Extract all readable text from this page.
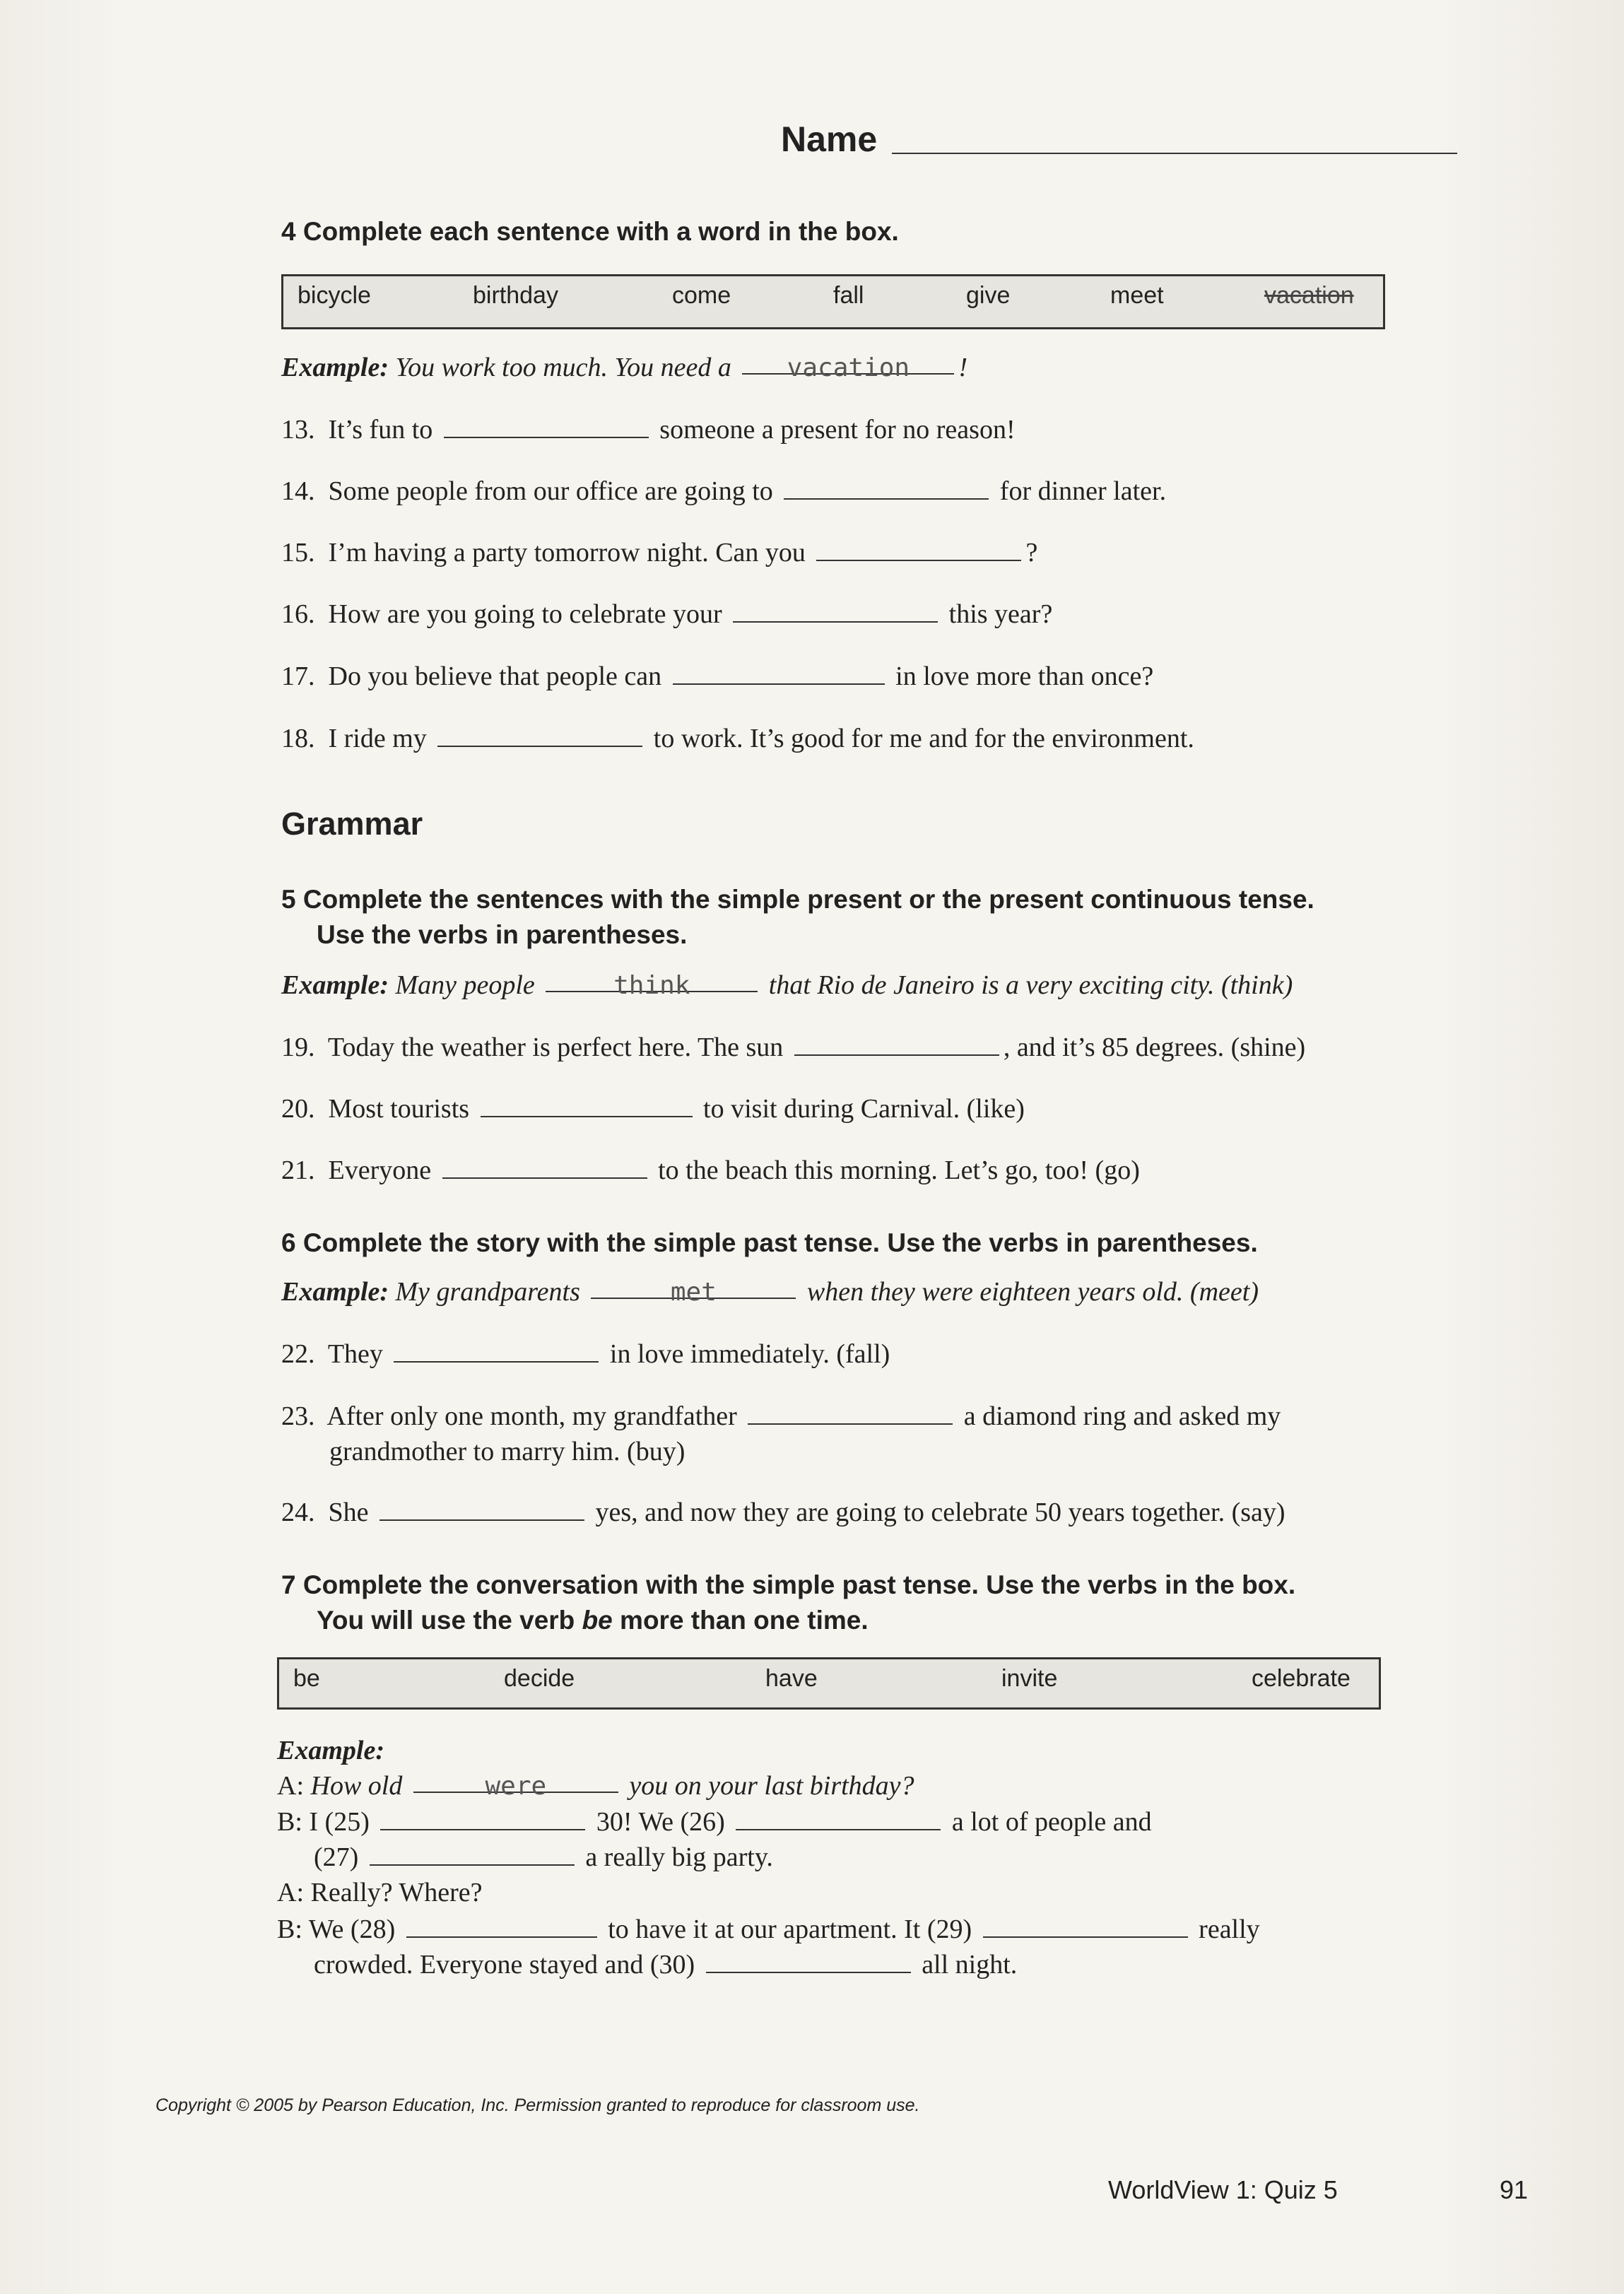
Name
4 Complete each sentence with a word in the box.
bicycle	birthday	come	fall	give	meet	vacation
Example: You work too much. You need a vacation !
13. It’s fun to	someone a present for no reason!
14. Some people from our office are going to	for dinner later.
15. I’m having a party tomorrow night. Can you	?
16. How are you going to celebrate your	this year?
17. Do you believe that people can	in love more than once?
18. I ride my	to work. It’s good for me and for the environment.
Grammar
5 Complete the sentences with the simple present or the present continuous tense.
Use the verbs in parentheses.
Example: Many people	think	that Rio de Janeiro is a very exciting city. (think)
19. Today the weather is perfect here. The sun	, and it’s 85 degrees. (shine)
20. Most tourists	to visit during Carnival. (like)
21. Everyone	to the beach this morning. Let’s go, too! (go)
6 Complete the story with the simple past tense. Use the verbs in parentheses.
Example: My grandparents	met	when they were eighteen years old. (meet)
22. They	in love immediately. (fall)
23. After only one month, my grandfather	a diamond ring and asked my
grandmother to marry him. (buy)
24. She	yes, and now they are going to celebrate 50 years together. (say)
7 Complete the conversation with the simple past tense. Use the verbs in the box.
You will use the verb be more than one time.
be	decide	have	invite	celebrate
Example:
A: How old	were	you on your last birthday?
B: I (25)	30! We (26)	a lot of people and
(27)	a really big party.
A: Really? Where?
B: We (28)	to have it at our apartment. It (29)	really
crowded. Everyone stayed and (30)	all night.
Copyright © 2005 by Pearson Education, Inc. Permission granted to reproduce for classroom use.
WorldView 1: Quiz 5	91
